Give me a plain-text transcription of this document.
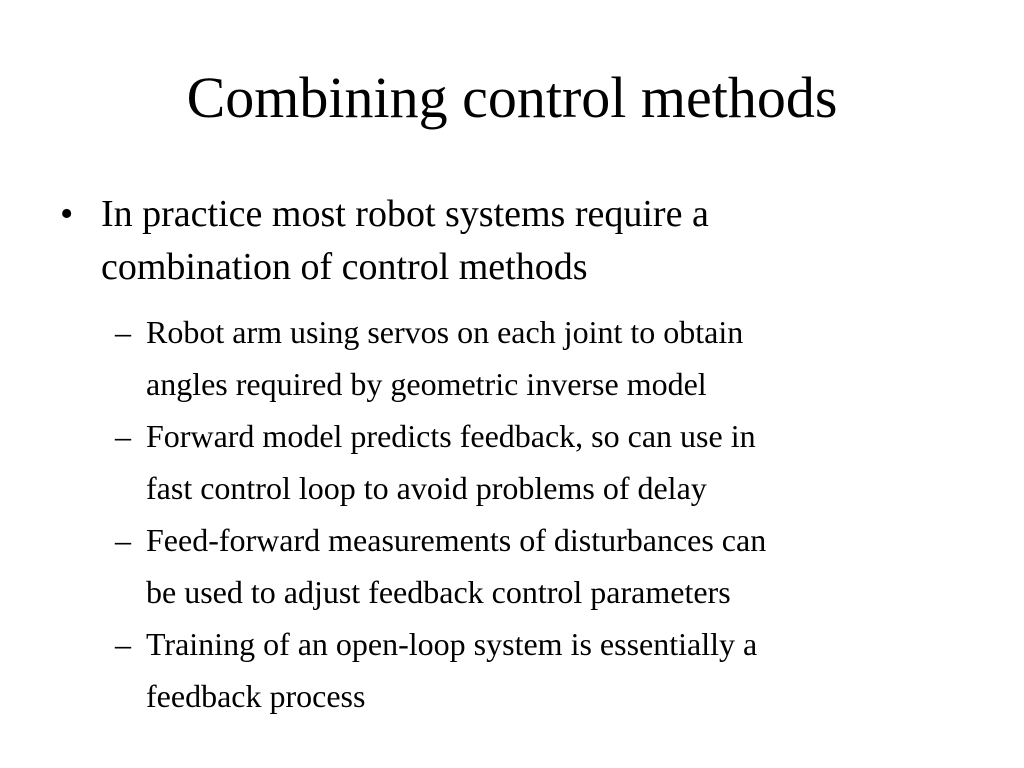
Combining control methods
• In practice most robot systems require a combination of control methods
– Robot arm using servos on each joint to obtain
angles required by geometric inverse model
– Forward model predicts feedback, so can use in
fast control loop to avoid problems of delay
– Feed-forward measurements of disturbances can
be used to adjust feedback control parameters
– Training of an open-loop system is essentially a
feedback process
